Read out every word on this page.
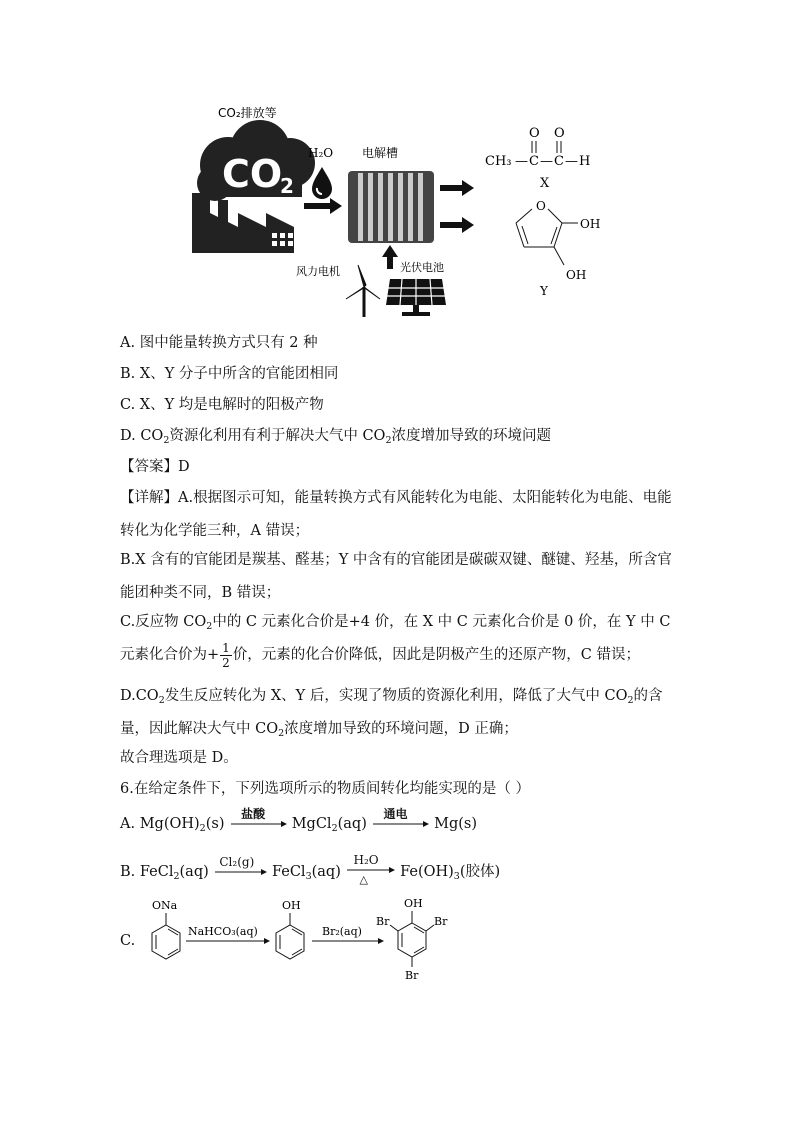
CO₂排放等
CO
2
H₂O 电解槽
风力电机	光伏电池
CH₃ — C — C — H
O O
X
O
OH
OH
Y
A. 图中能量转换方式只有 2 种
B. X、Y 分子中所含的官能团相同
C. X、Y 均是电解时的阳极产物
D. $CO_2$资源化利用有利于解决大气中 $CO_2$浓度增加导致的环境问题
【答案】D
【详解】A.根据图示可知，能量转换方式有风能转化为电能、太阳能转化为电能、电能转化为化学能三种，A 错误；
B.X 含有的官能团是羰基、醛基；Y 中含有的官能团是碳碳双键、醚键、羟基，所含官能团种类不同，B 错误；
C.反应物 $CO_2$中的 C 元素化合价是+4 价，在 X 中 C 元素化合价是 0 价，在 Y 中 C 元素化合价为+ $\frac{1}{2}$ 价，元素的化合价降低，因此是阴极产生的还原产物，C 错误；
$D.CO_2$发生反应转化为 X、Y 后，实现了物质的资源化利用，降低了大气中 $CO_2$的含量，因此解决大气中 $CO_2$浓度增加导致的环境问题，D 正确；
故合理选项是 D。
6.在给定条件下，下列选项所示的物质间转化均能实现的是（ ）
A. $Mg(OH)_2(s)$
盐酸
MgCl$_2$(aq)
通电
Mg(s)
B. FeCl$_2$(aq)
Cl₂(g)
FeCl$_3$(aq)
H₂O
△ $Fe(OH)_3$(胶体)
C.
ONa
NaHCO₃(aq)
OH
Br₂(aq)
OH
Br	Br
Br
